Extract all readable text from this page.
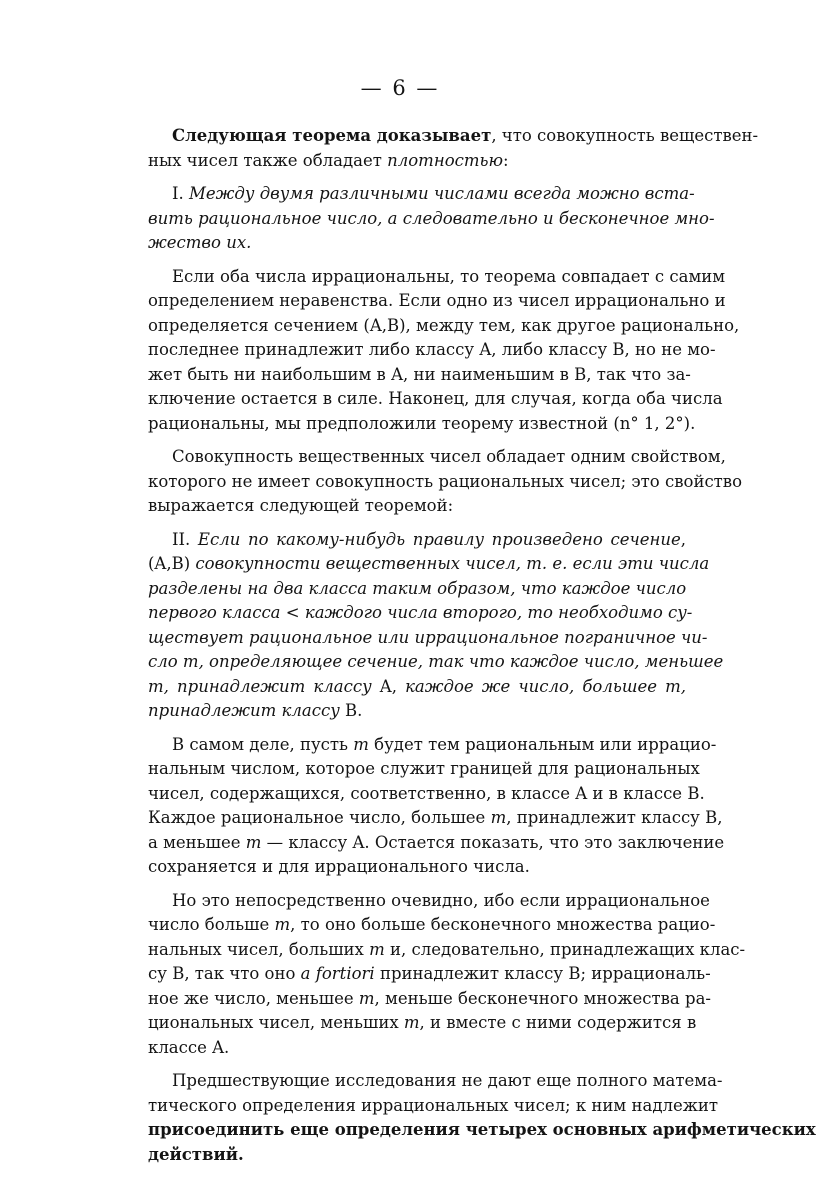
— 6 —
Следующая теорема доказывает, что совокупность веществен-
ных чисел также обладает плотностью:
I. Между двумя различными числами всегда можно вста-
вить рациональное число, а следовательно и бесконечное мно-
жество их.
Если оба числа иррациональны, то теорема совпадает с самим
определением неравенства. Если одно из чисел иррационально и
определяется сечением (A,B), между тем, как другое рационально,
последнее принадлежит либо классу A, либо классу B, но не мо-
жет быть ни наибольшим в A, ни наименьшим в B, так что за-
ключение остается в силе. Наконец, для случая, когда оба числа
рациональны, мы предположили теорему известной (n° 1, 2°).
Совокупность вещественных чисел обладает одним свойством,
которого не имеет совокупность рациональных чисел; это свойство
выражается следующей теоремой:
II. Если по какому-нибудь правилу произведено сечение,
(A,B) совокупности вещественных чисел, т. е. если эти числа
разделены на два класса таким образом, что каждое число
первого класса < каждого числа второго, то необходимо су-
ществует рациональное или иррациональное пограничное чи-
сло m, определяющее сечение, так что каждое число, меньшее
m, принадлежит классу A, каждое же число, большее m,
принадлежит классу B.
В самом деле, пусть m будет тем рациональным или иррацио-
нальным числом, которое служит границей для рациональных
чисел, содержащихся, соответственно, в классе A и в классе B.
Каждое рациональное число, большее m, принадлежит классу B,
а меньшее m — классу A. Остается показать, что это заключение
сохраняется и для иррационального числа.
Но это непосредственно очевидно, ибо если иррациональное
число больше m, то оно больше бесконечного множества рацио-
нальных чисел, больших m и, следовательно, принадлежащих клас-
су B, так что оно a fortiori принадлежит классу B; иррациональ-
ное же число, меньшее m, меньше бесконечного множества ра-
циональных чисел, меньших m, и вместе с ними содержится в
классе A.
Предшествующие исследования не дают еще полного матема-
тического определения иррациональных чисел; к ним надлежит
присоединить еще определения четырех основных арифметических
действий.
